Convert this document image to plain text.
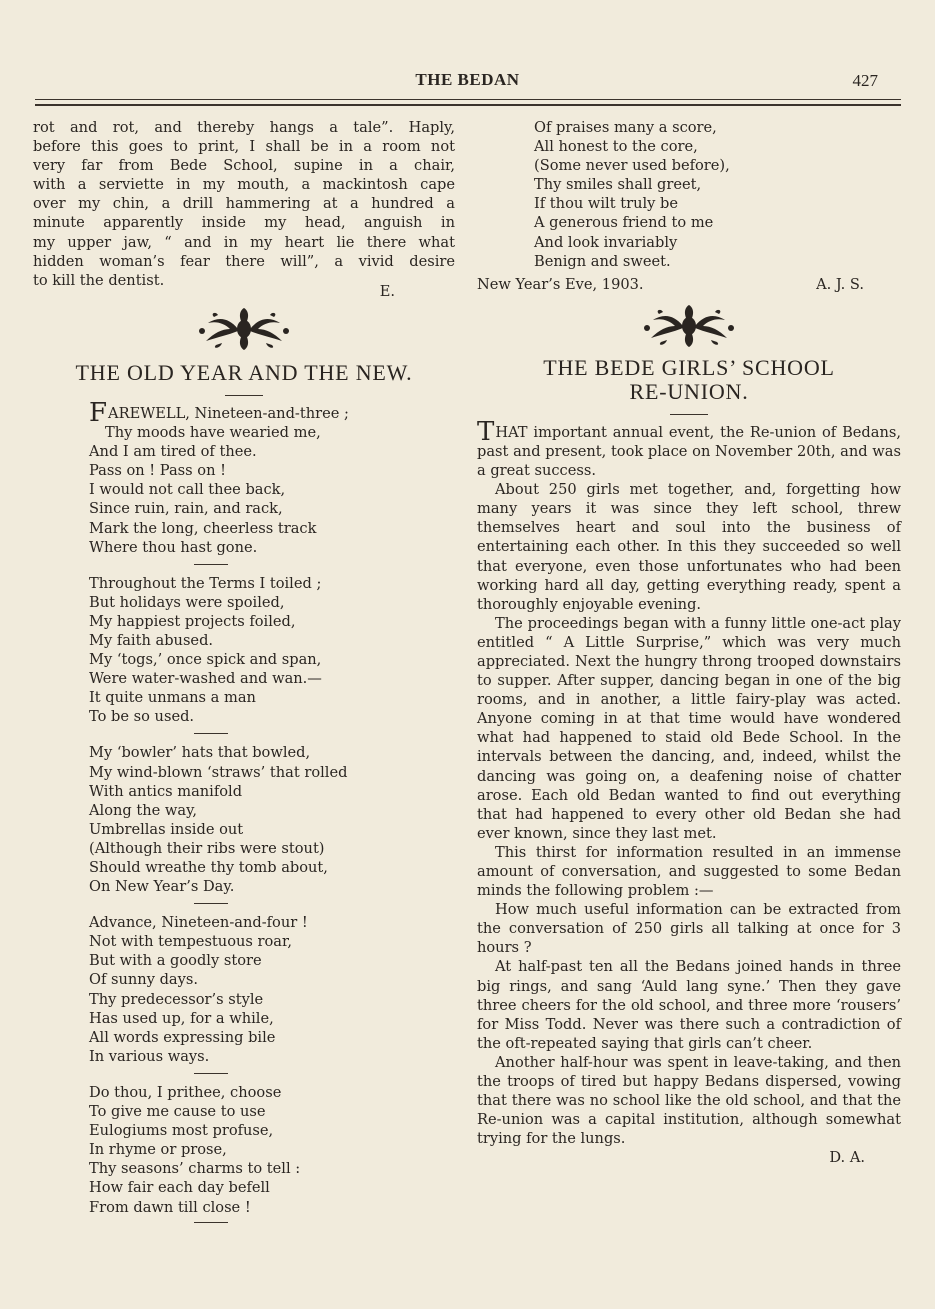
THE BEDAN	427
rot and rot, and thereby hangs a tale”. Haply,
before this goes to print, I shall be in a room not
very far from Bede School, supine in a chair,
with a serviette in my mouth, a mackintosh cape
over my chin, a drill hammering at a hundred a
minute apparently inside my head, anguish in
my upper jaw, “ and in my heart lie there what
hidden woman’s fear there will”, a vivid desire
to kill the dentist.
E.
THE OLD YEAR AND THE NEW.
FAREWELL, Nineteen-and-three ;
Thy moods have wearied me,
And I am tired of thee.
Pass on ! Pass on !
I would not call thee back,
Since ruin, rain, and rack,
Mark the long, cheerless track
Where thou hast gone.
Throughout the Terms I toiled ;
But holidays were spoiled,
My happiest projects foiled,
My faith abused.
My ‘togs,’ once spick and span,
Were water-washed and wan.—
It quite unmans a man
To be so used.
My ‘bowler’ hats that bowled,
My wind-blown ‘straws’ that rolled
With antics manifold
Along the way,
Umbrellas inside out
(Although their ribs were stout)
Should wreathe thy tomb about,
On New Year’s Day.
Advance, Nineteen-and-four !
Not with tempestuous roar,
But with a goodly store
Of sunny days.
Thy predecessor’s style
Has used up, for a while,
All words expressing bile
In various ways.
Do thou, I prithee, choose
To give me cause to use
Eulogiums most profuse,
In rhyme or prose,
Thy seasons’ charms to tell :
How fair each day befell
From dawn till close !
Of praises many a score,
All honest to the core,
(Some never used before),
Thy smiles shall greet,
If thou wilt truly be
A generous friend to me
And look invariably
Benign and sweet.
New Year’s Eve, 1903.	A. J. S.
THE BEDE GIRLS’ SCHOOL
RE-UNION.

THAT important annual event, the Re-union of Bedans, past and present, took place on November 20th, and was a great success.

About 250 girls met together, and, forgetting how many years it was since they left school, threw themselves heart and soul into the business of entertaining each other. In this they succeeded so well that everyone, even those unfortunates who had been working hard all day, getting everything ready, spent a thoroughly enjoyable evening.

The proceedings began with a funny little one-act play entitled “ A Little Surprise,” which was very much appreciated. Next the hungry throng trooped downstairs to supper. After supper, dancing began in one of the big rooms, and in another, a little fairy-play was acted. Anyone coming in at that time would have wondered what had happened to staid old Bede School. In the intervals between the dancing, and, indeed, whilst the dancing was going on, a deafening noise of chatter arose. Each old Bedan wanted to find out everything that had happened to every other old Bedan she had ever known, since they last met.

This thirst for information resulted in an immense amount of conversation, and suggested to some Bedan minds the following problem :—

How much useful information can be extracted from the conversation of 250 girls all talking at once for 3 hours ?

At half-past ten all the Bedans joined hands in three big rings, and sang ‘Auld lang syne.’ Then they gave three cheers for the old school, and three more ‘rousers’ for Miss Todd. Never was there such a contradiction of the oft-repeated saying that girls can’t cheer.

Another half-hour was spent in leave-taking, and then the troops of tired but happy Bedans dispersed, vowing that there was no school like the old school, and that the Re-union was a capital institution, although somewhat trying for the lungs.

D. A.
